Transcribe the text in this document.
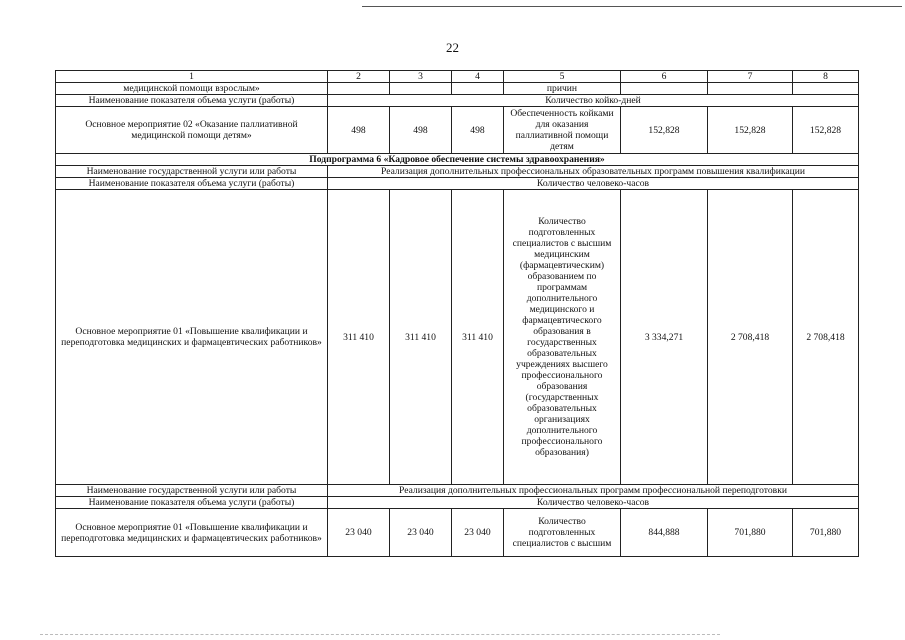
22
1	2	3	4	5	6	7	8
медицинской помощи взрослым»				причин			
Наименование показателя объема услуги (работы)	Количество койко-дней						
Основное мероприятие 02 «Оказание паллиативной медицинской помощи детям»	498	498	498	Обеспеченность койками для оказания паллиативной помощи детям	152,828	152,828	152,828
Подпрограмма 6 «Кадровое обеспечение системы здравоохранения»							
Наименование государственной услуги или работы	Реализация дополнительных профессиональных образовательных программ повышения квалификации						
Наименование показателя объема услуги (работы)	Количество человеко-часов						
Основное мероприятие 01 «Повышение квалификации и переподготовка медицинских и фармацевтических работников»	311 410	311 410	311 410	Количество подготовленных специалистов с высшим медицинским (фармацевтическим) образованием по программам дополнительного медицинского и фармацевтического образования в государственных образовательных учреждениях высшего профессионального образования (государственных образовательных организациях дополнительного профессионального образования)	3 334,271	2 708,418	2 708,418
Наименование государственной услуги или работы	Реализация дополнительных профессиональных программ профессиональной переподготовки						
Наименование показателя объема услуги (работы)	Количество человеко-часов						
Основное мероприятие 01 «Повышение квалификации и переподготовка медицинских и фармацевтических работников»	23 040	23 040	23 040	Количество подготовленных специалистов с высшим	844,888	701,880	701,880
